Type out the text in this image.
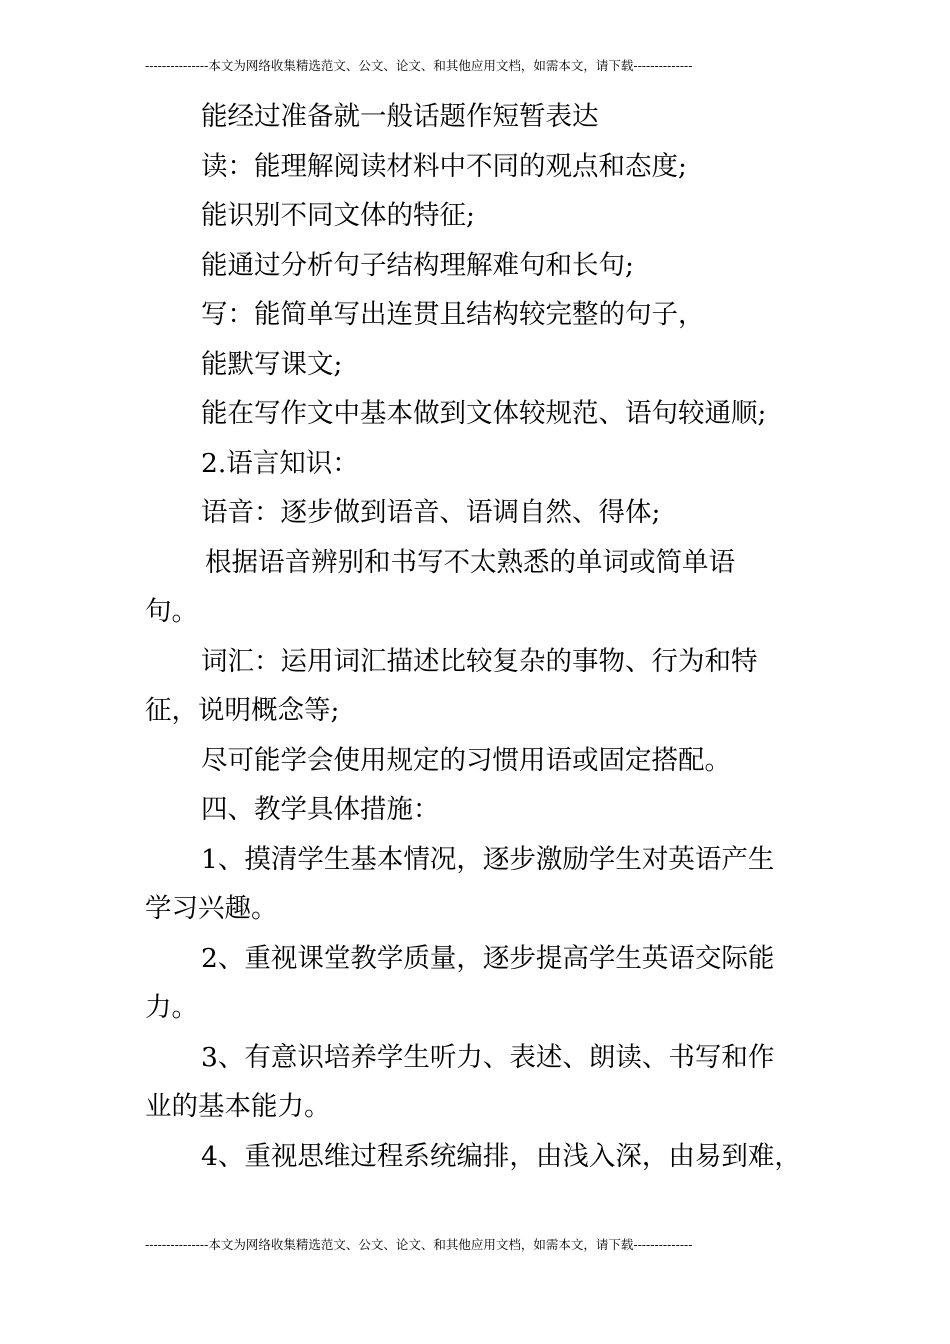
---------------本文为网络收集精选范文、公文、论文、和其他应用文档，如需本文，请下载--------------
能经过准备就一般话题作短暂表达
读：能理解阅读材料中不同的观点和态度;
能识别不同文体的特征;
能通过分析句子结构理解难句和长句;
写：能简单写出连贯且结构较完整的句子，
能默写课文;
能在写作文中基本做到文体较规范、语句较通顺;
2.语言知识：
语音：逐步做到语音、语调自然、得体;
根据语音辨别和书写不太熟悉的单词或简单语
句。
词汇：运用词汇描述比较复杂的事物、行为和特
征，说明概念等;
尽可能学会使用规定的习惯用语或固定搭配。
四、教学具体措施：
1、摸清学生基本情况，逐步激励学生对英语产生
学习兴趣。
2、重视课堂教学质量，逐步提高学生英语交际能
力。
3、有意识培养学生听力、表述、朗读、书写和作
业的基本能力。
4、重视思维过程系统编排，由浅入深，由易到难，
---------------本文为网络收集精选范文、公文、论文、和其他应用文档，如需本文，请下载--------------
